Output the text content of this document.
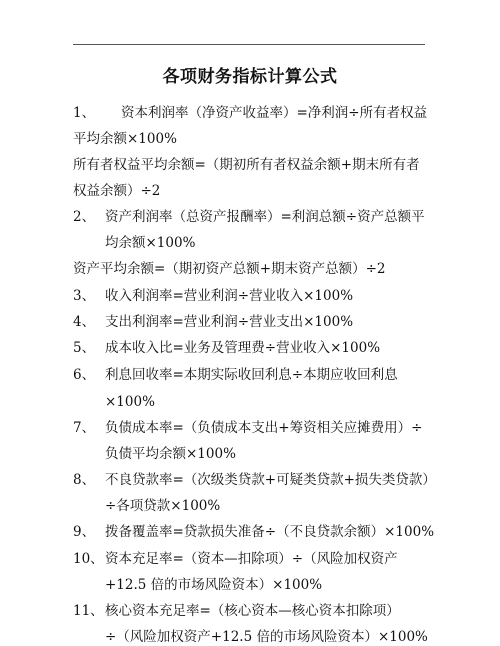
各项财务指标计算公式
1、 资本利润率（净资产收益率）=净利润÷所有者权益
平均余额×100%
所有者权益平均余额=（期初所有者权益余额+期末所有者
权益余额）÷2
2、 资产利润率（总资产报酬率）=利润总额÷资产总额平
均余额×100%
资产平均余额=（期初资产总额+期末资产总额）÷2
3、 收入利润率=营业利润÷营业收入×100%
4、 支出利润率=营业利润÷营业支出×100%
5、 成本收入比=业务及管理费÷营业收入×100%
6、 利息回收率=本期实际收回利息÷本期应收回利息
×100%
7、 负债成本率=（负债成本支出+筹资相关应摊费用）÷
负债平均余额×100%
8、 不良贷款率=（次级类贷款+可疑类贷款+损失类贷款）
÷各项贷款×100%
9、 拨备覆盖率=贷款损失准备÷（不良贷款余额）×100%
10、 资本充足率=（资本—扣除项）÷（风险加权资产
+12.5 倍的市场风险资本）×100%
11、 核心资本充足率=（核心资本—核心资本扣除项）
÷（风险加权资产+12.5 倍的市场风险资本）×100%
